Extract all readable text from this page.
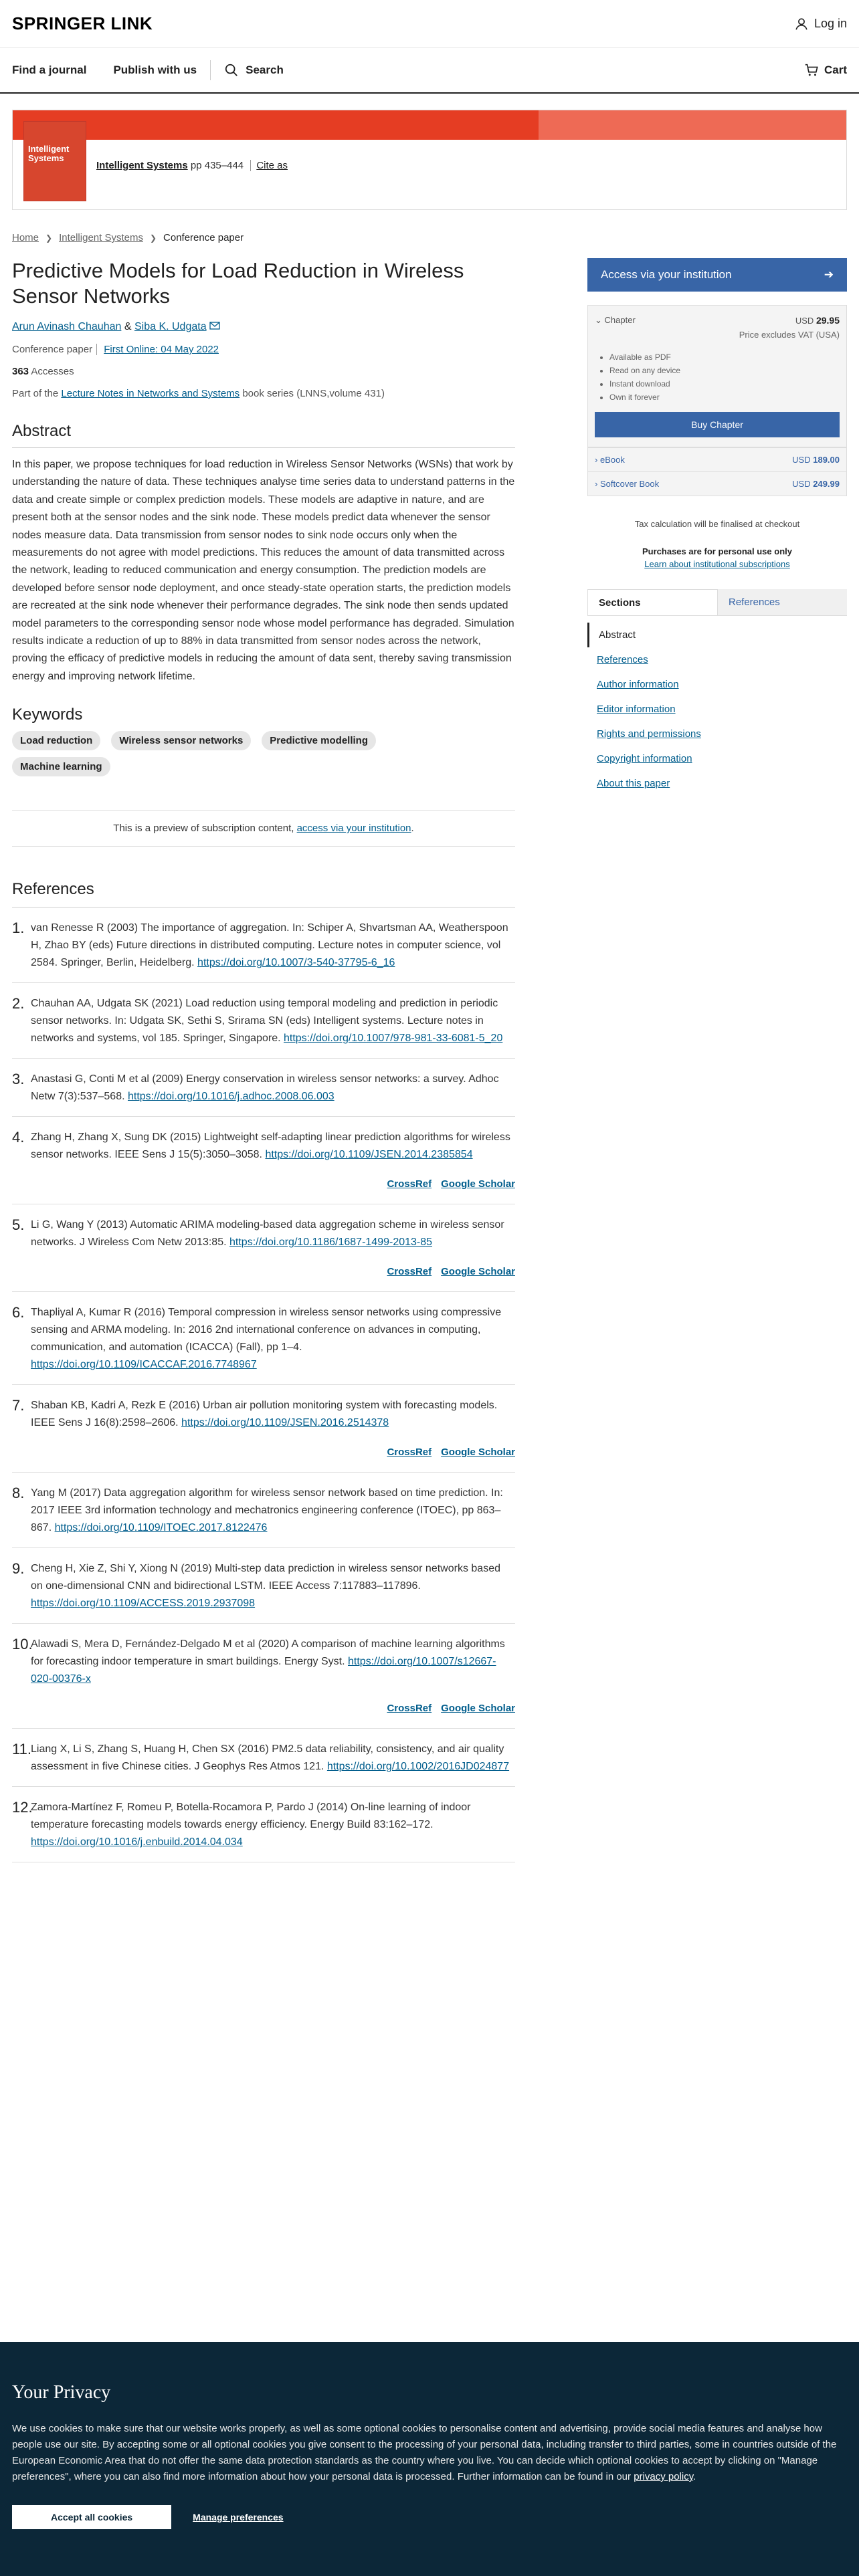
SPRINGER LINK	Log in
Find a journal Publish with us	Search	Cart
Intelligent Systems
Intelligent Systems pp 435–444 Cite as
Home ❯ Intelligent Systems ❯ Conference paper
Predictive Models for Load Reduction in Wireless Sensor Networks
Arun Avinash Chauhan & Siba K. Udgata
Conference paper First Online: 04 May 2022
363 Accesses
Part of the Lecture Notes in Networks and Systems book series (LNNS,volume 431)
Abstract

In this paper, we propose techniques for load reduction in Wireless Sensor Networks (WSNs) that work by understanding the nature of data. These techniques analyse time series data to understand patterns in the data and create simple or complex prediction models. These models are adaptive in nature, and are present both at the sensor nodes and the sink node. These models predict data whenever the sensor nodes measure data. Data transmission from sensor nodes to sink node occurs only when the measurements do not agree with model predictions. This reduces the amount of data transmitted across the network, leading to reduced communication and energy consumption. The prediction models are developed before sensor node deployment, and once steady-state operation starts, the prediction models are recreated at the sink node whenever their performance degrades. The sink node then sends updated model parameters to the corresponding sensor node whose model performance has degraded. Simulation results indicate a reduction of up to 88% in data transmitted from sensor nodes across the network, proving the efficacy of predictive models in reducing the amount of data sent, thereby saving transmission energy and improving network lifetime.

Keywords
Load reduction	Wireless sensor networks	Predictive modelling
Machine learning
This is a preview of subscription content, access via your institution.
References
1. van Renesse R (2003) The importance of aggregation. In: Schiper A, Shvartsman AA, Weatherspoon H, Zhao BY (eds) Future directions in distributed computing. Lecture notes in computer science, vol 2584. Springer, Berlin, Heidelberg. https://doi.org/10.1007/3-540-37795-6_16
2. Chauhan AA, Udgata SK (2021) Load reduction using temporal modeling and prediction in periodic sensor networks. In: Udgata SK, Sethi S, Srirama SN (eds) Intelligent systems. Lecture notes in networks and systems, vol 185. Springer, Singapore. https://doi.org/10.1007/978-981-33-6081-5_20
3. Anastasi G, Conti M et al (2009) Energy conservation in wireless sensor networks: a survey. Adhoc Netw 7(3):537–568. https://doi.org/10.1016/j.adhoc.2008.06.003
4. Zhang H, Zhang X, Sung DK (2015) Lightweight self-adapting linear prediction algorithms for wireless sensor networks. IEEE Sens J 15(5):3050–3058. https://doi.org/10.1109/JSEN.2014.2385854
CrossRef Google Scholar
5. Li G, Wang Y (2013) Automatic ARIMA modeling-based data aggregation scheme in wireless sensor networks. J Wireless Com Netw 2013:85. https://doi.org/10.1186/1687-1499-2013-85
CrossRef Google Scholar
6. Thapliyal A, Kumar R (2016) Temporal compression in wireless sensor networks using compressive sensing and ARMA modeling. In: 2016 2nd international conference on advances in computing, communication, and automation (ICACCA) (Fall), pp 1–4. https://doi.org/10.1109/ICACCAF.2016.7748967
7. Shaban KB, Kadri A, Rezk E (2016) Urban air pollution monitoring system with forecasting models. IEEE Sens J 16(8):2598–2606. https://doi.org/10.1109/JSEN.2016.2514378
CrossRef Google Scholar
8. Yang M (2017) Data aggregation algorithm for wireless sensor network based on time prediction. In: 2017 IEEE 3rd information technology and mechatronics engineering conference (ITOEC), pp 863–867. https://doi.org/10.1109/ITOEC.2017.8122476
9. Cheng H, Xie Z, Shi Y, Xiong N (2019) Multi-step data prediction in wireless sensor networks based on one-dimensional CNN and bidirectional LSTM. IEEE Access 7:117883–117896. https://doi.org/10.1109/ACCESS.2019.2937098
10.
Alawadi S, Mera D, Fernández-Delgado M et al (2020) A comparison of machine learning algorithms for forecasting indoor temperature in smart buildings. Energy Syst. https://doi.org/10.1007/s12667-020-00376-x
CrossRef Google Scholar
11. Liang X, Li S, Zhang S, Huang H, Chen SX (2016) PM2.5 data reliability, consistency, and air quality assessment in five Chinese cities. J Geophys Res Atmos 121. https://doi.org/10.1002/2016JD024877
12.
Zamora-Martínez F, Romeu P, Botella-Rocamora P, Pardo J (2014) On-line learning of indoor temperature forecasting models towards energy efficiency. Energy Build 83:162–172. https://doi.org/10.1016/j.enbuild.2014.04.034
Access via your institution	➔
⌄ Chapter	USD 29.95
Price excludes VAT (USA)
• Available as PDF
• Read on any device
• Instant download
• Own it forever
Buy Chapter
› eBook	USD 189.00
› Softcover Book	USD 249.99
Tax calculation will be finalised at checkout
Purchases are for personal use only
Learn about institutional subscriptions
Sections	References
Abstract
References
Author information
Editor information
Rights and permissions
Copyright information
About this paper
Your Privacy

We use cookies to make sure that our website works properly, as well as some optional cookies to personalise content and advertising, provide social media features and analyse how people use our site. By accepting some or all optional cookies you give consent to the processing of your personal data, including transfer to third parties, some in countries outside of the European Economic Area that do not offer the same data protection standards as the country where you live. You can decide which optional cookies to accept by clicking on "Manage preferences", where you can also find more information about how your personal data is processed. Further information can be found in our privacy policy.

Accept all cookies	Manage preferences
